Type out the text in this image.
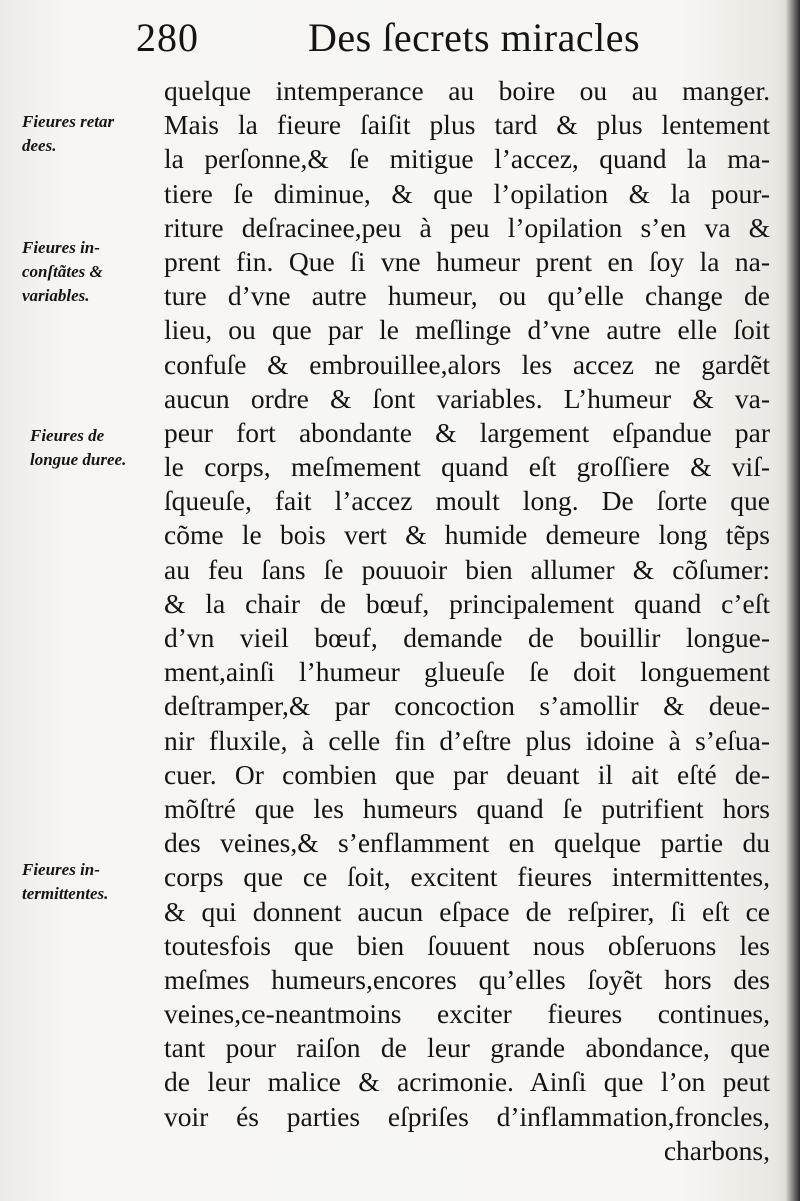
280	Des ſecrets miracles
Fieures retar
dees.
Fieures in-
conſtãtes &
variables.
Fieures de
longue duree.
Fieures in-
termittentes.
quelque intemperance au boire ou au manger.
Mais la fieure ſaiſit plus tard & plus lentement
la perſonne,& ſe mitigue l’accez, quand la ma-
tiere ſe diminue, & que l’opilation & la pour-
riture deſracinee,peu à peu l’opilation s’en va &
prent fin. Que ſi vne humeur prent en ſoy la na-
ture d’vne autre humeur, ou qu’elle change de
lieu, ou que par le meſlinge d’vne autre elle ſoit
confuſe & embrouillee,alors les accez ne gardẽt
aucun ordre & ſont variables. L’humeur & va-
peur fort abondante & largement eſpandue par
le corps, meſmement quand eſt groſſiere & viſ-
ſqueuſe, fait l’accez moult long. De ſorte que
cõme le bois vert & humide demeure long tẽps
au feu ſans ſe pouuoir bien allumer & cõſumer:
& la chair de bœuf, principalement quand c’eſt
d’vn vieil bœuf, demande de bouillir longue-
ment,ainſi l’humeur glueuſe ſe doit longuement
deſtramper,& par concoction s’amollir & deue-
nir fluxile, à celle fin d’eſtre plus idoine à s’eſua-
cuer. Or combien que par deuant il ait eſté de-
mõſtré que les humeurs quand ſe putrifient hors
des veines,& s’enflamment en quelque partie du
corps que ce ſoit, excitent fieures intermittentes,
& qui donnent aucun eſpace de reſpirer, ſi eſt ce
toutesfois que bien ſouuent nous obſeruons les
meſmes humeurs,encores qu’elles ſoyẽt hors des
veines,ce-neantmoins exciter fieures continues,
tant pour raiſon de leur grande abondance, que
de leur malice & acrimonie. Ainſi que l’on peut
voir és parties eſpriſes d’inflammation,froncles,
charbons,
